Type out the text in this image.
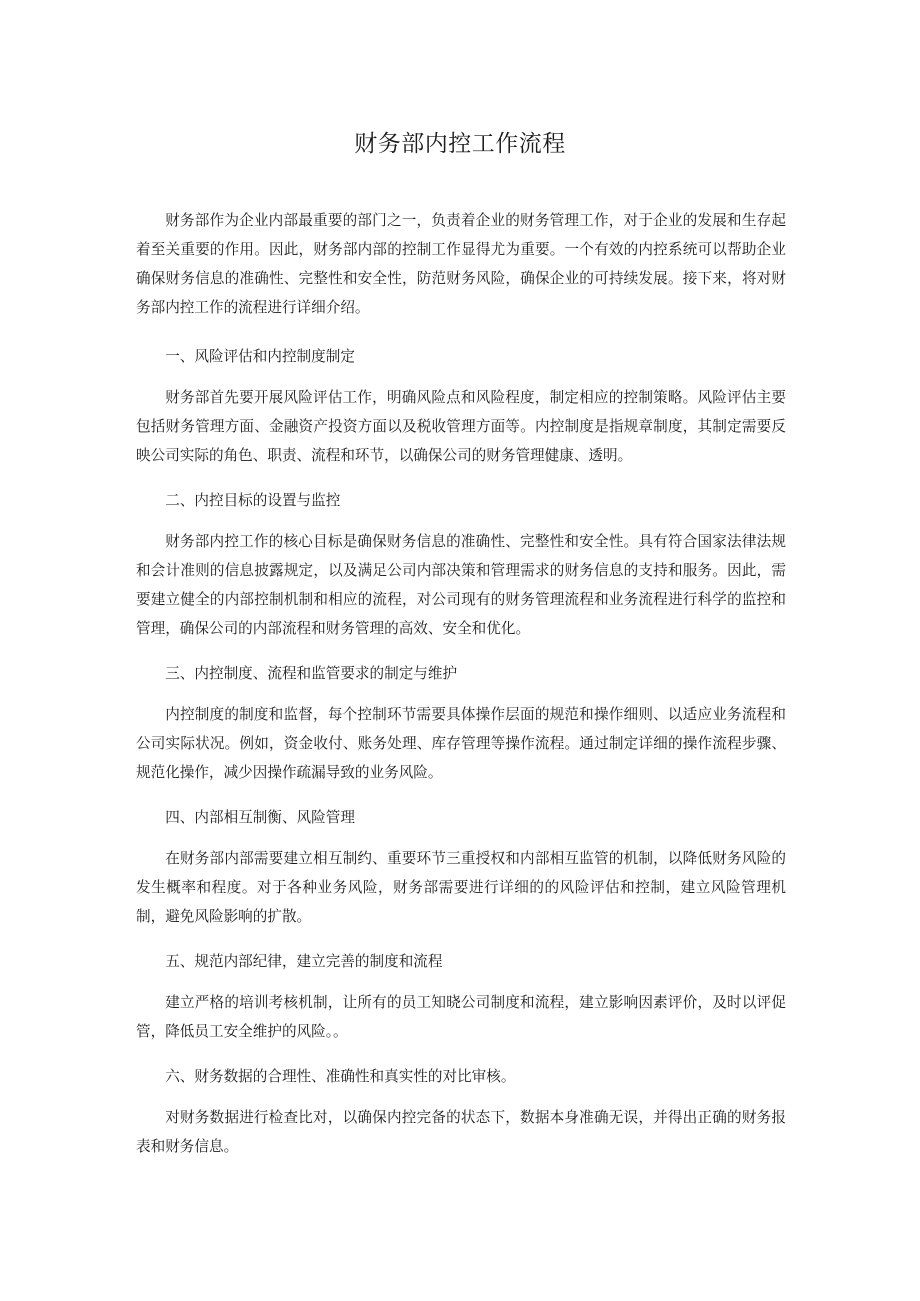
财务部内控工作流程

财务部作为企业内部最重要的部门之一，负责着企业的财务管理工作，对于企业的发展和生存起着至关重要的作用。因此，财务部内部的控制工作显得尤为重要。一个有效的内控系统可以帮助企业确保财务信息的准确性、完整性和安全性，防范财务风险，确保企业的可持续发展。接下来，将对财务部内控工作的流程进行详细介绍。

一、风险评估和内控制度制定

财务部首先要开展风险评估工作，明确风险点和风险程度，制定相应的控制策略。风险评估主要包括财务管理方面、金融资产投资方面以及税收管理方面等。内控制度是指规章制度，其制定需要反映公司实际的角色、职责、流程和环节，以确保公司的财务管理健康、透明。

二、内控目标的设置与监控

财务部内控工作的核心目标是确保财务信息的准确性、完整性和安全性。具有符合国家法律法规和会计准则的信息披露规定，以及满足公司内部决策和管理需求的财务信息的支持和服务。因此，需要建立健全的内部控制机制和相应的流程，对公司现有的财务管理流程和业务流程进行科学的监控和管理，确保公司的内部流程和财务管理的高效、安全和优化。

三、内控制度、流程和监管要求的制定与维护

内控制度的制度和监督，每个控制环节需要具体操作层面的规范和操作细则、以适应业务流程和公司实际状况。例如，资金收付、账务处理、库存管理等操作流程。通过制定详细的操作流程步骤、规范化操作，减少因操作疏漏导致的业务风险。

四、内部相互制衡、风险管理

在财务部内部需要建立相互制约、重要环节三重授权和内部相互监管的机制，以降低财务风险的发生概率和程度。对于各种业务风险，财务部需要进行详细的的风险评估和控制，建立风险管理机制，避免风险影响的扩散。

五、规范内部纪律，建立完善的制度和流程

建立严格的培训考核机制，让所有的员工知晓公司制度和流程，建立影响因素评价，及时以评促管，降低员工安全维护的风险。。

六、财务数据的合理性、准确性和真实性的对比审核。

对财务数据进行检查比对，以确保内控完备的状态下，数据本身准确无误，并得出正确的财务报表和财务信息。
